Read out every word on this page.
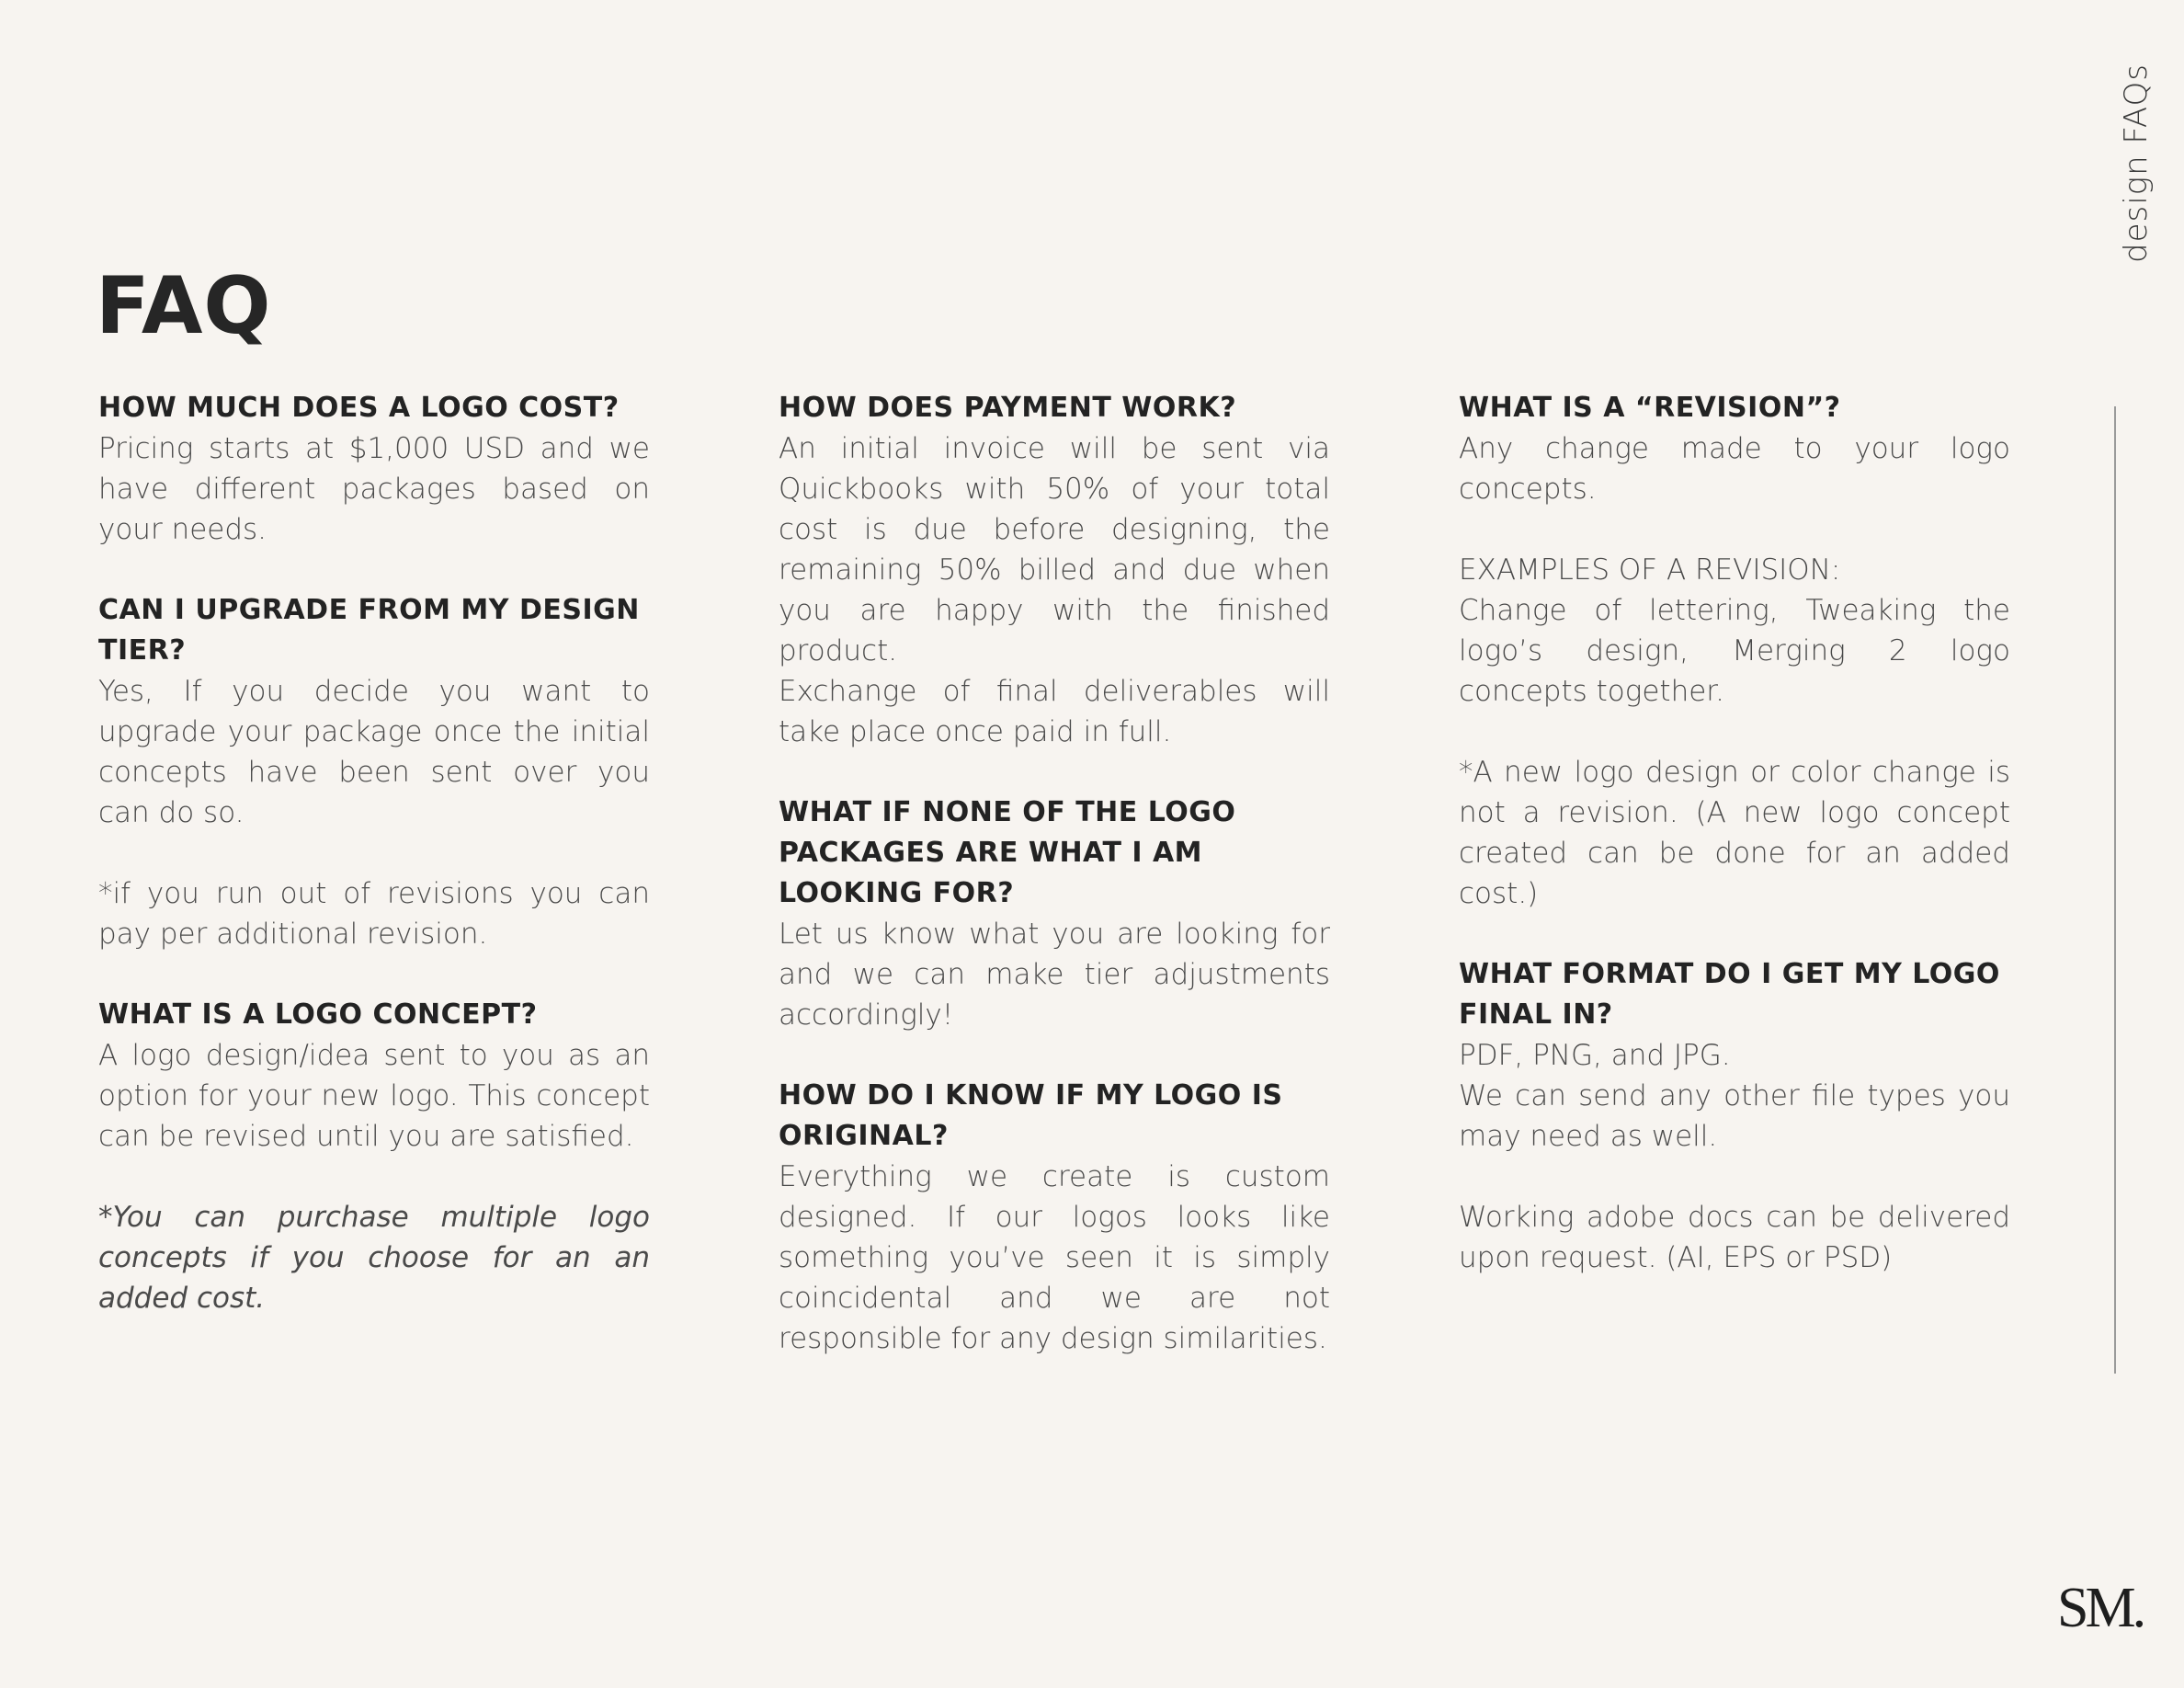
design FAQs
FAQ
HOW MUCH DOES A LOGO COST?

Pricing starts at $1,000 USD and we have different packages based on your needs.

CAN I UPGRADE FROM MY DESIGN TIER?

Yes, If you decide you want to upgrade your package once the initial concepts have been sent over you can do so.

*if you run out of revisions you can pay per additional revision.

WHAT IS A LOGO CONCEPT?

A logo design/idea sent to you as an option for your new logo. This concept can be revised until you are satisfied.

*You can purchase multiple logo concepts if you choose for an an added cost.

HOW DOES PAYMENT WORK?

An initial invoice will be sent via Quickbooks with 50% of your total cost is due before designing, the remaining 50% billed and due when you are happy with the finished product.

Exchange of final deliverables will take place once paid in full.

WHAT IF NONE OF THE LOGO PACKAGES ARE WHAT I AM LOOKING FOR?

Let us know what you are looking for and we can make tier adjustments accordingly!

HOW DO I KNOW IF MY LOGO IS ORIGINAL?

Everything we create is custom designed. If our logos looks like something you’ve seen it is simply coincidental and we are not responsible for any design similarities.

WHAT IS A “REVISION”?

Any change made to your logo concepts.

EXAMPLES OF A REVISION:

Change of lettering, Tweaking the logo’s design, Merging 2 logo concepts together.

*A new logo design or color change is not a revision. (A new logo concept created can be done for an added cost.)

WHAT FORMAT DO I GET MY LOGO FINAL IN?

PDF, PNG, and JPG.

We can send any other file types you may need as well.

Working adobe docs can be delivered upon request. (AI, EPS or PSD)

SM.
